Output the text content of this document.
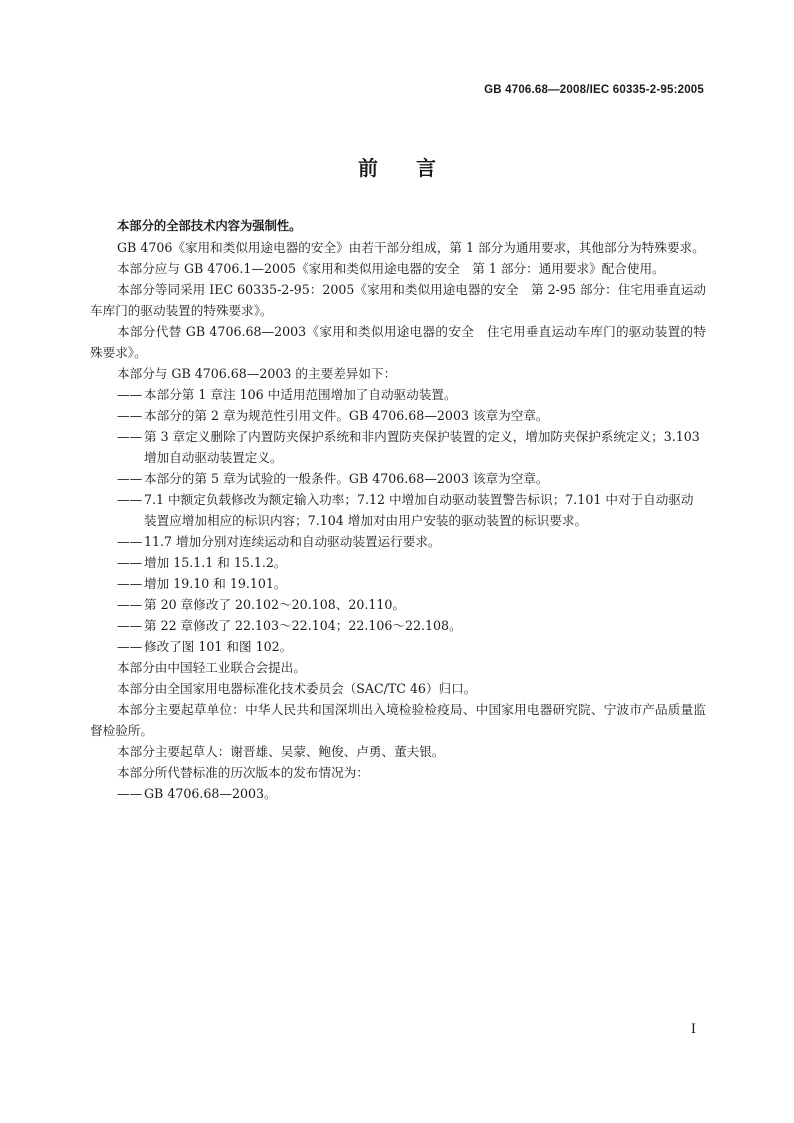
GB 4706.68—2008/IEC 60335-2-95:2005
前言

本部分的全部技术内容为强制性。

GB 4706《家用和类似用途电器的安全》由若干部分组成，第 1 部分为通用要求，其他部分为特殊要求。

本部分应与 GB 4706.1—2005《家用和类似用途电器的安全　第 1 部分：通用要求》配合使用。

本部分等同采用 IEC 60335-2-95：2005《家用和类似用途电器的安全　第 2-95 部分：住宅用垂直运动车库门的驱动装置的特殊要求》。

本部分代替 GB 4706.68—2003《家用和类似用途电器的安全　住宅用垂直运动车库门的驱动装置的特殊要求》。

本部分与 GB 4706.68—2003 的主要差异如下：

—— 本部分第 1 章注 106 中适用范围增加了自动驱动装置。

—— 本部分的第 2 章为规范性引用文件。GB 4706.68—2003 该章为空章。

—— 第 3 章定义删除了内置防夹保护系统和非内置防夹保护装置的定义，增加防夹保护系统定义；3.103 增加自动驱动装置定义。

—— 本部分的第 5 章为试验的一般条件。GB 4706.68—2003 该章为空章。

—— 7.1 中额定负载修改为额定输入功率；7.12 中增加自动驱动装置警告标识；7.101 中对于自动驱动装置应增加相应的标识内容；7.104 增加对由用户安装的驱动装置的标识要求。

—— 11.7 增加分别对连续运动和自动驱动装置运行要求。

—— 增加 15.1.1 和 15.1.2。

—— 增加 19.10 和 19.101。

—— 第 20 章修改了 20.102～20.108、20.110。

—— 第 22 章修改了 22.103～22.104；22.106～22.108。

—— 修改了图 101 和图 102。

本部分由中国轻工业联合会提出。

本部分由全国家用电器标准化技术委员会（SAC/TC 46）归口。

本部分主要起草单位：中华人民共和国深圳出入境检验检疫局、中国家用电器研究院、宁波市产品质量监督检验所。

本部分主要起草人：谢晋雄、吴蒙、鲍俊、卢勇、董夫银。

本部分所代替标准的历次版本的发布情况为：

—— GB 4706.68—2003。

I
